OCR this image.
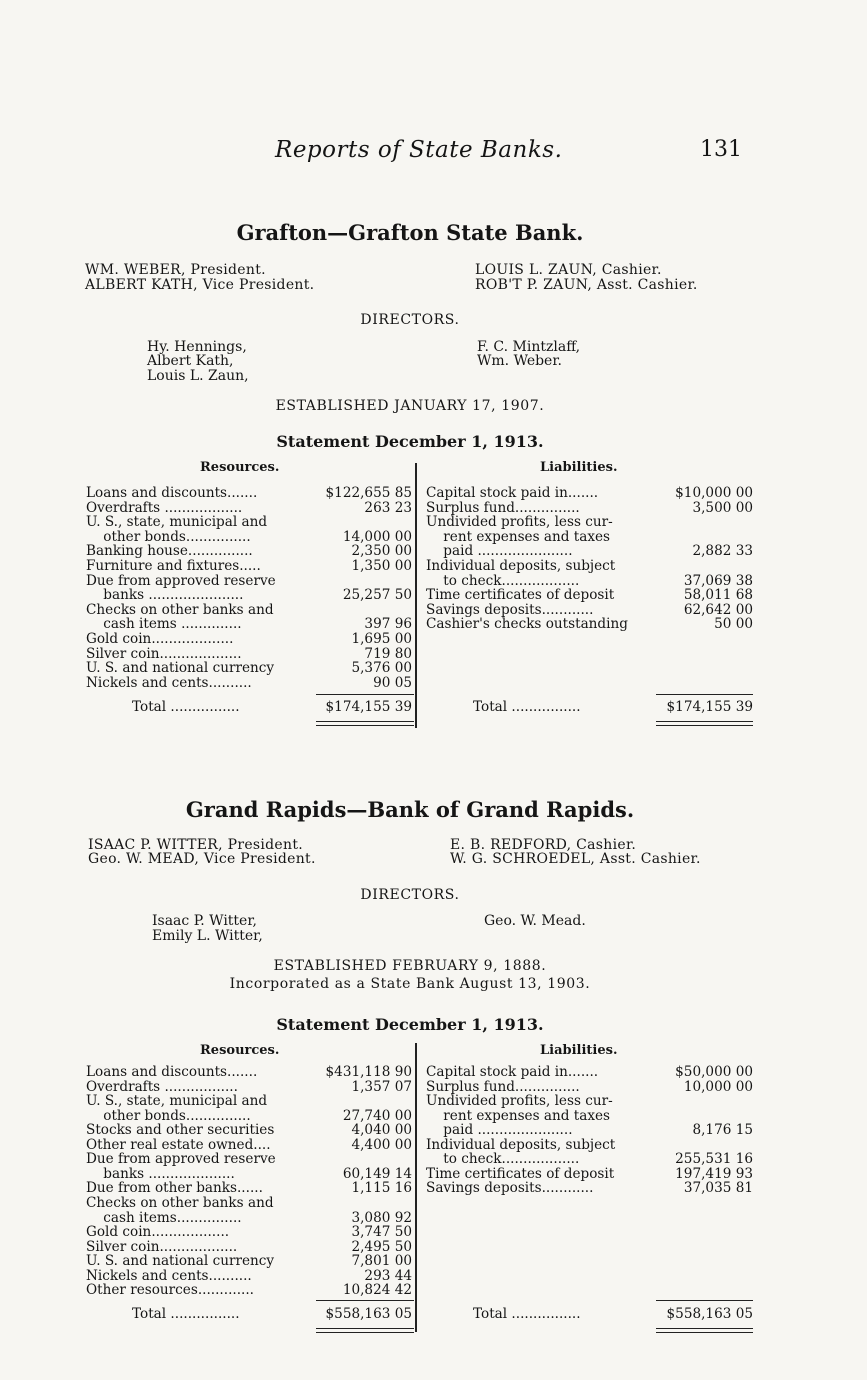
Reports of State Banks.	131
Grafton—Grafton State Bank.
WM. WEBER, President.
ALBERT KATH, Vice President.
LOUIS L. ZAUN, Cashier.
ROB'T P. ZAUN, Asst. Cashier.
DIRECTORS.
Hy. Hennings,
Albert Kath,
Louis L. Zaun,
F. C. Mintzlaff,
Wm. Weber.
ESTABLISHED JANUARY 17, 1907.
Statement December 1, 1913.
Resources.	Liabilities.
Loans and discounts.......	$122,655 85
Overdrafts ..................	263 23
U. S., state, municipal and
other bonds...............	14,000 00
Banking house...............	2,350 00
Furniture and fixtures.....	1,350 00
Due from approved reserve
banks ......................	25,257 50
Checks on other banks and
cash items ..............	397 96
Gold coin...................	1,695 00
Silver coin...................	719 80
U. S. and national currency	5,376 00
Nickels and cents..........	90 05
Capital stock paid in.......	$10,000 00
Surplus fund...............	3,500 00
Undivided profits, less cur-
rent expenses and taxes
paid ......................	2,882 33
Individual deposits, subject
to check..................	37,069 38
Time certificates of deposit	58,011 68
Savings deposits............	62,642 00
Cashier's checks outstanding	50 00
Total ................	$174,155 39	Total ................	$174,155 39
Grand Rapids—Bank of Grand Rapids.
ISAAC P. WITTER, President.
Geo. W. MEAD, Vice President.
E. B. REDFORD, Cashier.
W. G. SCHROEDEL, Asst. Cashier.
DIRECTORS.
Isaac P. Witter,
Emily L. Witter,
Geo. W. Mead.
ESTABLISHED FEBRUARY 9, 1888.
Incorporated as a State Bank August 13, 1903.
Statement December 1, 1913.
Resources.	Liabilities.
Loans and discounts.......	$431,118 90
Overdrafts .................	1,357 07
U. S., state, municipal and
other bonds...............	27,740 00
Stocks and other securities	4,040 00
Other real estate owned....	4,400 00
Due from approved reserve
banks ....................	60,149 14
Due from other banks......	1,115 16
Checks on other banks and
cash items...............	3,080 92
Gold coin..................	3,747 50
Silver coin..................	2,495 50
U. S. and national currency	7,801 00
Nickels and cents..........	293 44
Other resources.............	10,824 42
Capital stock paid in.......	$50,000 00
Surplus fund...............	10,000 00
Undivided profits, less cur-
rent expenses and taxes
paid ......................	8,176 15
Individual deposits, subject
to check..................	255,531 16
Time certificates of deposit	197,419 93
Savings deposits............	37,035 81
Total ................	$558,163 05	Total ................	$558,163 05
